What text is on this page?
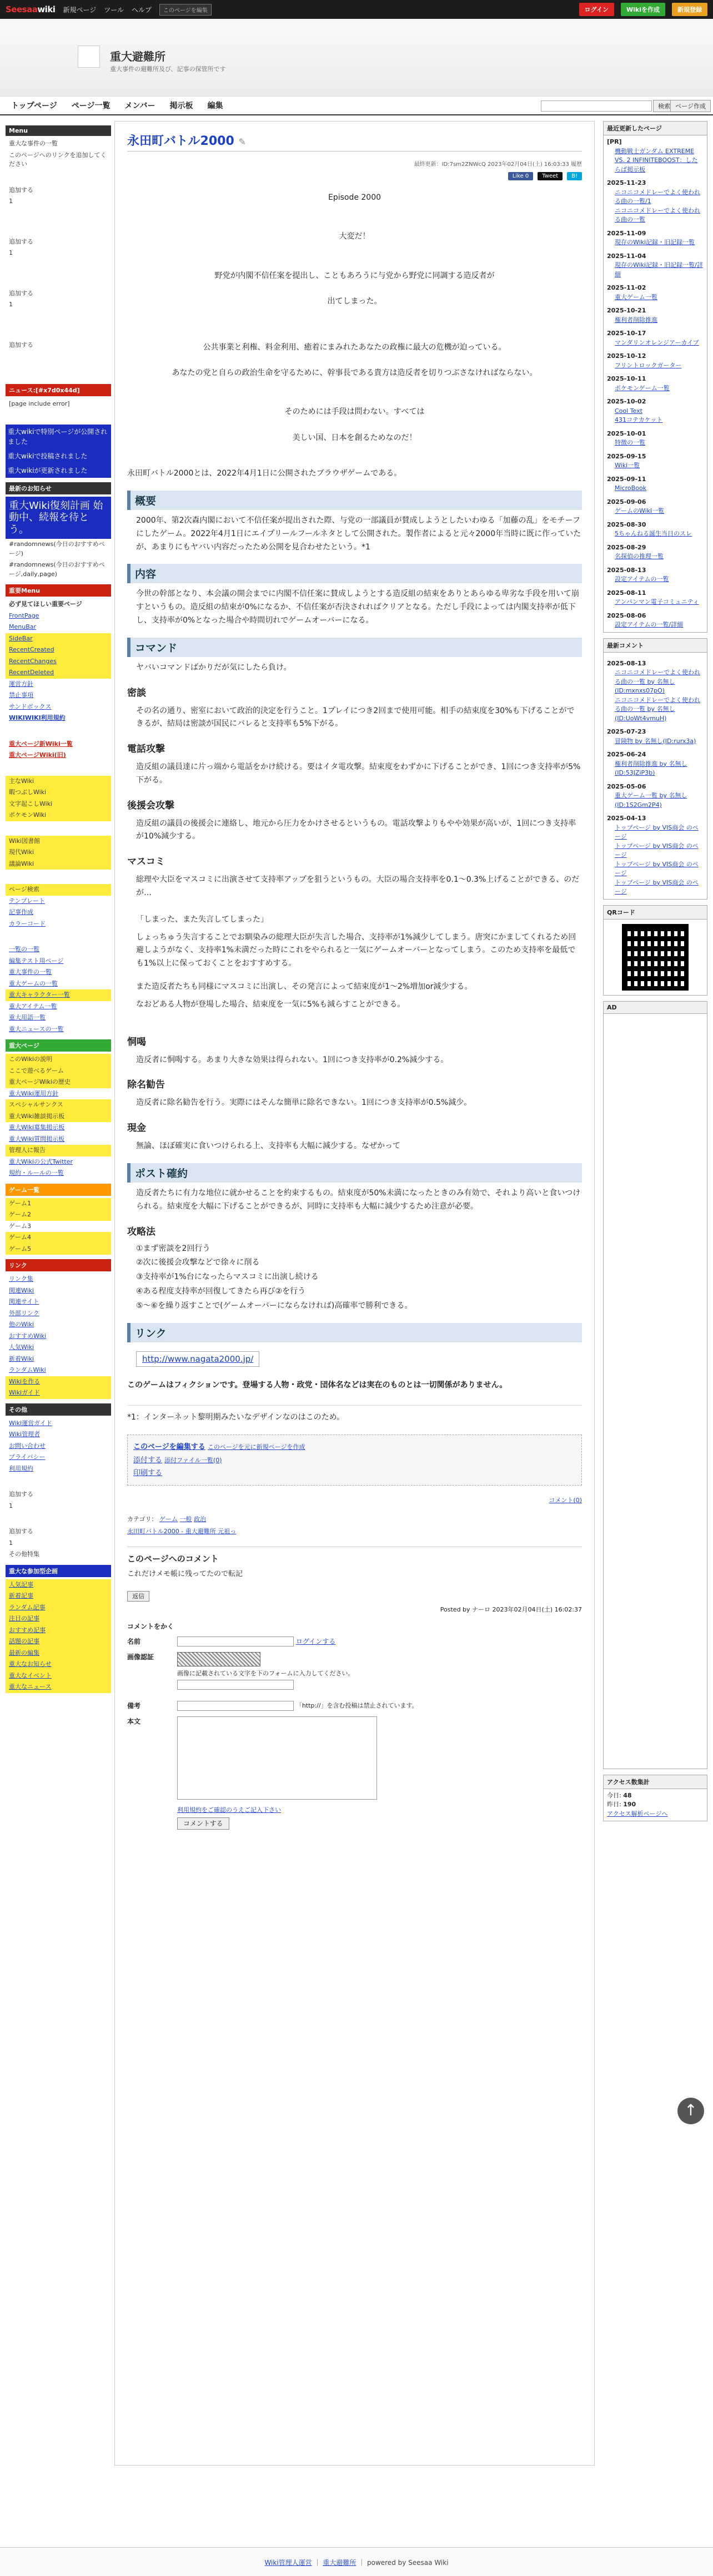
Seesaawiki 新規ページ ツール ヘルプ	このページを編集	ログイン	Wikiを作成	新規登録
重大避難所
重大事件の避難所及び、記事の保管所です
トップページ ページ一覧 メンバー 掲示板 編集	検索 ページ作成
Menu
重大な事件の一覧
このページへのリンクを追加してください
追加する
1
追加する
1
追加する
1
追加する
ニュース:[#x7d0x44d]
[page include error]
重大wikiで特別ページが公開されました
重大wikiで投稿されました
重大wikiが更新されました
最新のお知らせ
重大Wiki復刻計画 始動中、続報を待とう。
#randomnews(今日のおすすめページ)
#randomnews(今日のおすすめページ,daily,page)
重要Menu
必ず見てほしい重要ページ
FrontPage
MenuBar
SideBar
RecentCreated
RecentChanges
RecentDeleted
運営方針
禁止事項
サンドボックス
WIKIWIKI利用規約
重大ページ新Wiki一覧
重大ページWiki(旧)
主なWiki
暇つぶしWiki
文字起こしWiki
ポケモンWiki
Wiki図書館
現代Wiki
議論Wiki
ページ検索
テンプレート
記事作成
カラーコード
一覧の一覧
編集テスト用ページ
重大事件の一覧
重大ゲームの一覧
重大キャラクター一覧
重大アイテム一覧
重大用語一覧
重大ニュースの一覧
重大ページ
このWikiの説明
ここで遊べるゲーム
重大ページWikiの歴史
重大Wiki運用方針
スペシャルサンクス
重大Wiki雑談掲示板
重大Wiki募集掲示板
重大Wiki質問掲示板
管理人に報告
重大Wikiの公式Twitter
規約・ルールの一覧
ゲーム一覧
ゲーム1
ゲーム2
ゲーム3
ゲーム4
ゲーム5
リンク
リンク集
関連Wiki
関連サイト
外部リンク
他のWiki
おすすめWiki
人気Wiki
新着Wiki
ランダムWiki
Wikiを作る
Wikiガイド
その他
Wiki運営ガイド
Wiki管理者
お問い合わせ
プライバシー
利用規約
追加する
1
追加する
1
その他特集
重大な参加型企画
人気記事
新着記事
ランダム記事
注目の記事
おすすめ記事
話題の記事
最新の編集
重大なお知らせ
重大なイベント
重大なニュース
永田町バトル2000 ✎
最終更新：ID:7sm2ZNWcQ 2023年02月04日(土) 16:03:33 履歴
Like 0	Tweet	B!
Episode 2000
大変だ！
野党が内閣不信任案を提出し、こともあろうに与党から野党に同調する造反者が
出てしまった。
公共事業と利権、料金利用、癒着にまみれたあなたの政権に最大の危機が迫っている。
あなたの党と自らの政治生命を守るために、幹事長である貴方は造反者を切りつぶさなければならない。
そのためには手段は問わない。すべては
美しい国、日本を創るためなのだ！
永田町バトル2000とは、2022年4月1日に公開されたブラウザゲームである。
概要
2000年、第2次森内閣において不信任案が提出された際、与党の一部議員が賛成しようとしたいわゆる「加藤の乱」をモチーフにしたゲーム。2022年4月1日にエイプリールフールネタとして公開された。製作者によると元々2000年当時に既に作っていたが、あまりにもヤバい内容だったため公開を見合わせたという。*1
内容
今世の幹部となり、本会議の開会までに内閣不信任案に賛成しようとする造反組の結束をありとあらゆる卑劣な手段を用いて崩すというもの。造反組の結束が0%になるか、不信任案が否決されればクリアとなる。ただし手段によっては内閣支持率が低下し、支持率が0%となった場合や時間切れでゲームオーバーになる。
コマンド
ヤバいコマンドばかりだが気にしたら負け。
密談
その名の通り、密室において政治的決定を行うこと。1プレイにつき2回まで使用可能。相手の結束度を30%も下げることができるが、結局は密談が国民にバレると支持率も5%下がる。
電話攻撃
造反組の議員達に片っ端から電話をかけ続ける。要はイタ電攻撃。結束度をわずかに下げることができ、1回につき支持率が5%下がる。
後援会攻撃
造反組の議員の後援会に連絡し、地元から圧力をかけさせるというもの。電話攻撃よりもやや効果が高いが、1回につき支持率が10%減少する。
マスコミ
総理や大臣をマスコミに出演させて支持率アップを狙うというもの。大臣の場合支持率を0.1〜0.3%上げることができる、のだが…
「しまった、また失言してしまった」
しょっちゅう失言することでお馴染みの総理大臣が失言した場合、支持率が1%減少してしまう。唐突にかましてくれるため回避しようがなく、支持率1%未満だった時にこれをやられると一気にゲームオーバーとなってしまう。このため支持率を最低でも1%以上に保っておくことをおすすめする。
また造反者たちも同様にマスコミに出演し、その発言によって結束度が1〜2%増加or減少する。
なおどある人物が登場した場合、結束度を一気に5%も減らすことができる。
恫喝
造反者に恫喝する。あまり大きな効果は得られない。1回につき支持率が0.2%減少する。
除名勧告
造反者に除名勧告を行う。実際にはそんな簡単に除名できない。1回につき支持率が0.5%減少。
現金
無論、ほぼ確実に食いつけられる上、支持率も大幅に減少する。なぜかって
ポスト確約
造反者たちに有力な地位に就かせることを約束するもの。結束度が50%未満になったときのみ有効で、それより高いと食いつけられる。結束度を大幅に下げることができるが、同時に支持率も大幅に減少するため注意が必要。
攻略法
①まず密談を2回行う
②次に後援会攻撃などで徐々に削る
③支持率が1%台になったらマスコミに出演し続ける
④ある程度支持率が回復してきたら再び②を行う
⑤〜⑥を繰り返すことで(ゲームオーバーにならなければ)高確率で勝利できる。
リンク
http://www.nagata2000.jp/
このゲームはフィクションです。登場する人物・政党・団体名などは実在のものとは一切関係がありません。
*1：インターネット黎明期みたいなデザインなのはこのため。
このページを編集する このページを元に新規ページを作成
添付する 添付ファイル一覧(0)
印刷する
コメント(0)
カテゴリ： ゲーム 一般 政治
永田町バトル2000 - 重大避難所 元祖っ
このページへのコメント
これだけメモ帳に残ってたので転記
返信
Posted by ナーロ 2023年02月04日(土) 16:02:37
コメントをかく
名前
	ログインする
画像認証
画像に記載されている文字を下のフォームに入力してください。
備考
	「http://」を含む投稿は禁止されています。
本文
利用規約をご確認のうえご記入下さい
コメントする
最近更新したページ
[PR]
機動戦士ガンダム EXTREME VS. 2 INFINITEBOOST：したらば掲示板
2025-11-23
ニコニコメドレーでよく使われる曲の一覧/1
ニコニコメドレーでよく使われる曲の一覧
2025-11-09
現存のWiki記録・旧記録一覧
2025-11-04
現存のWiki記録・旧記録一覧/詳細
2025-11-02
重大ゲーム一覧
2025-10-21
権利者削除推進
2025-10-17
マンダリンオレンジアーカイブ
2025-10-12
フリントロックガーター
2025-10-11
ポケモンゲーム一覧
2025-10-02
Cool Text
431コテカケット
2025-10-01
特徴の一覧
2025-09-15
Wiki一覧
2025-09-11
MicroBook
2025-09-06
ゲームのWiki一覧
2025-08-30
5ちゃんねる誕生当日のスレ
2025-08-29
名探偵の推理一覧
2025-08-13
設定アイテムの一覧
2025-08-11
アンパンマン電子コミュニティ
2025-08-06
設定アイテムの一覧/詳細
最新コメント
2025-08-13
ニコニコメドレーでよく使われる曲の一覧 by 名無し(ID:mxnxs07pO)
ニコニコメドレーでよく使われる曲の一覧 by 名無し(ID:UoWt4vmuH)
2025-07-23
冒険物 by 名無し(ID:rurx3a)
2025-06-24
権利者削除推進 by 名無し(ID:53JZiP3b)
2025-05-06
重大ゲーム一覧 by 名無し(ID:1S2Gm2P4)
2025-04-13
トップページ by VIS商会 のページ
トップページ by VIS商会 のページ
トップページ by VIS商会 のページ
トップページ by VIS商会 のページ
QRコード
AD
アクセス数集計
今日: 48
昨日: 190
アクセス解析ページへ
↑
Wiki管理人運営 ｜ 重大避難所 ｜ powered by Seesaa Wiki
